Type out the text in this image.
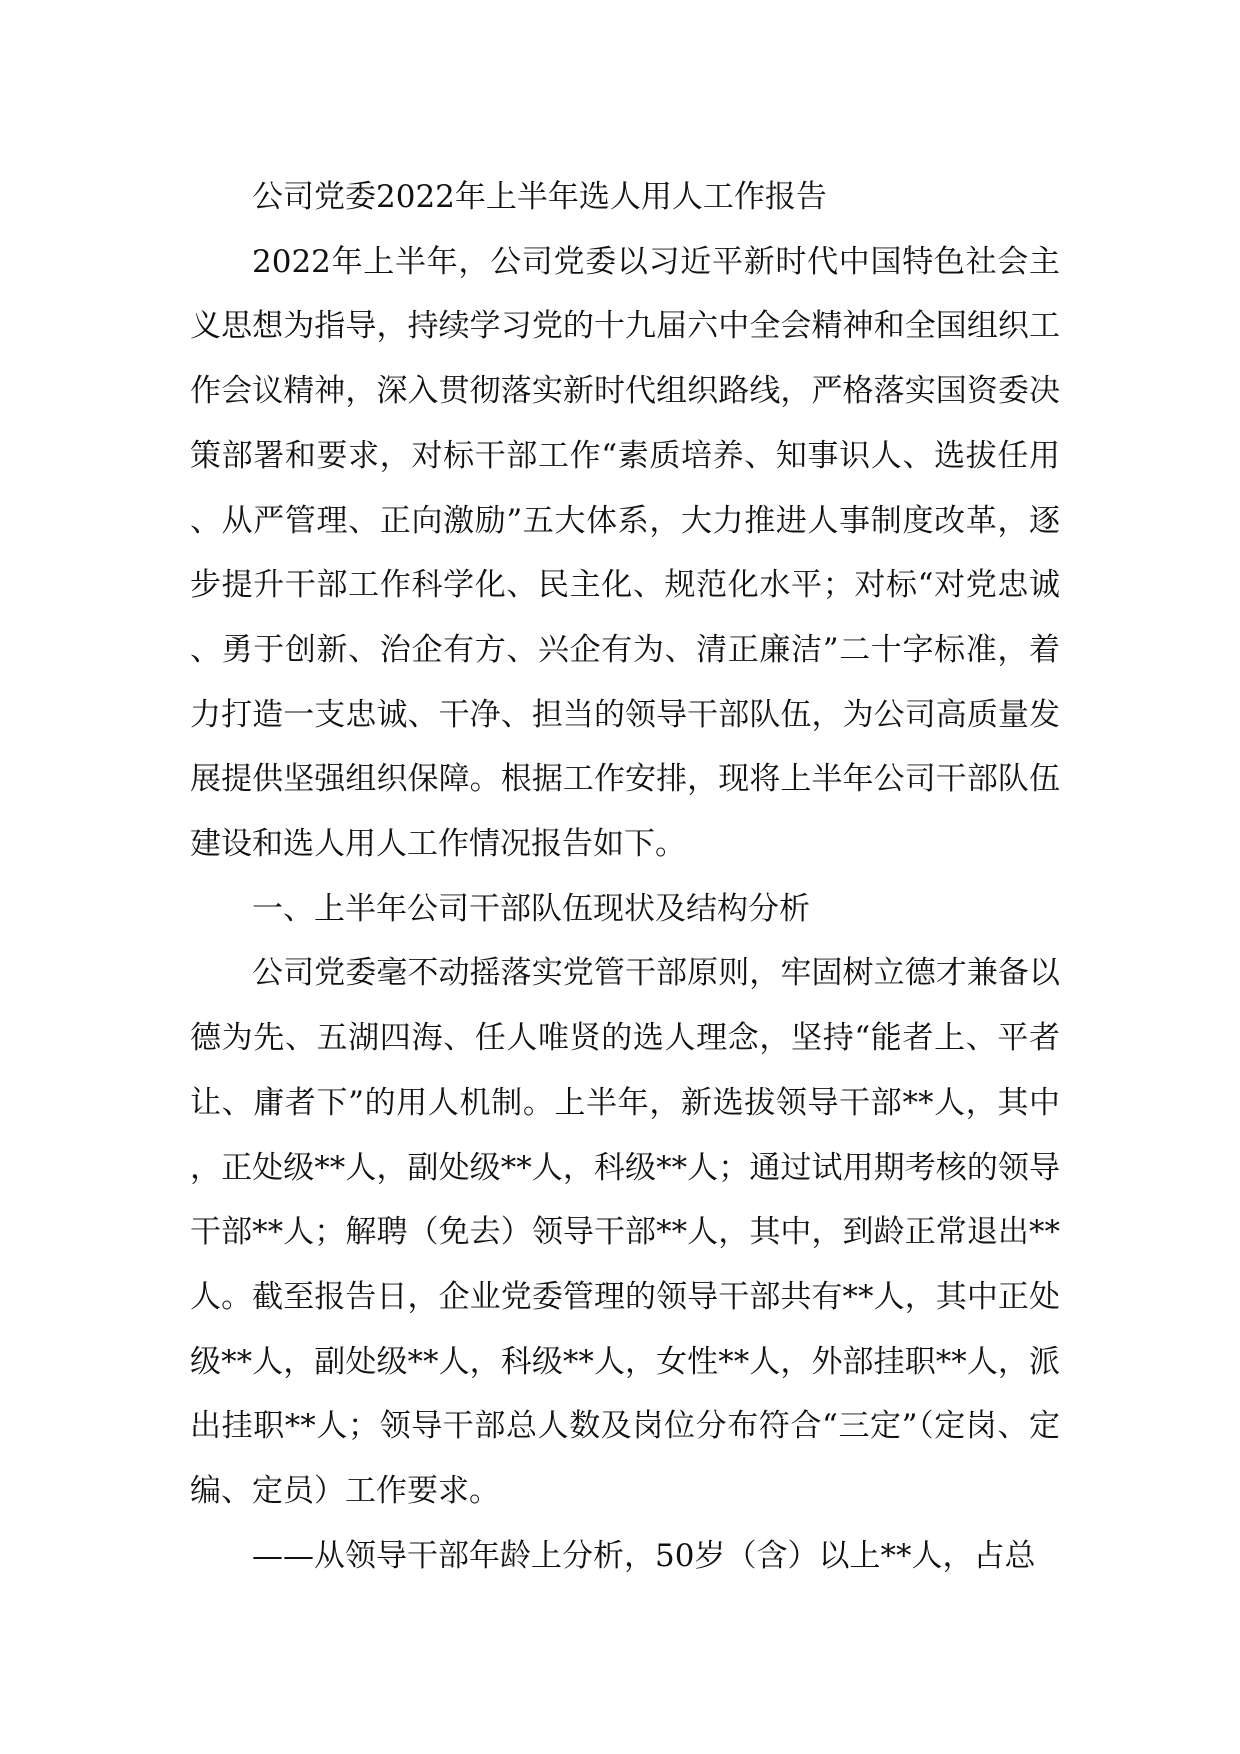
公司党委2022年上半年选人用人工作报告

2022年上半年，公司党委以习近平新时代中国特色社会主义思想为指导，持续学习党的十九届六中全会精神和全国组织工作会议精神，深入贯彻落实新时代组织路线，严格落实国资委决策部署和要求，对标干部工作“素质培养、知事识人、选拔任用、从严管理、正向激励”五大体系，大力推进人事制度改革，逐步提升干部工作科学化、民主化、规范化水平；对标“对党忠诚、勇于创新、治企有方、兴企有为、清正廉洁”二十字标准，着力打造一支忠诚、干净、担当的领导干部队伍，为公司高质量发展提供坚强组织保障。根据工作安排，现将上半年公司干部队伍建设和选人用人工作情况报告如下。

一、上半年公司干部队伍现状及结构分析

公司党委毫不动摇落实党管干部原则，牢固树立德才兼备以德为先、五湖四海、任人唯贤的选人理念，坚持“能者上、平者让、庸者下”的用人机制。上半年，新选拔领导干部**人，其中，正处级**人，副处级**人，科级**人；通过试用期考核的领导干部**人；解聘（免去）领导干部**人，其中，到龄正常退出**人。截至报告日，企业党委管理的领导干部共有**人，其中正处级**人，副处级**人，科级**人，女性**人，外部挂职**人，派出挂职**人；领导干部总人数及岗位分布符合“三定”（定岗、定编、定员）工作要求。

——从领导干部年龄上分析，50岁（含）以上**人，占总
